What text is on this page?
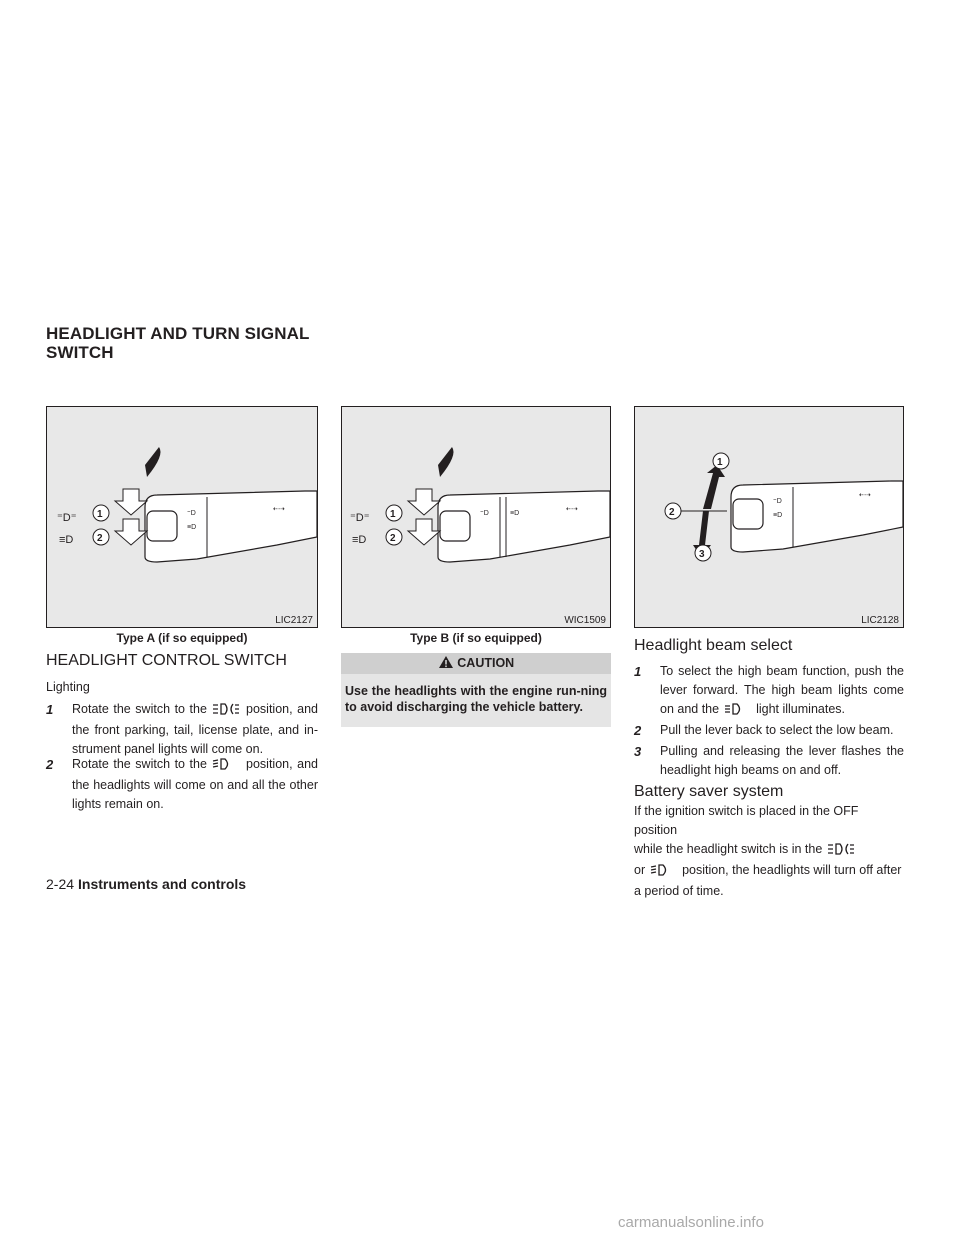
HEADLIGHT AND TURN SIGNAL SWITCH
⁼D
≡D
⇠⇢
⁼D⁼
≡D
1
2
LIC2127
Type A (if so equipped)
⁼D	≡D
⇠⇢
⁼D⁼
≡D
1
2
WIC1509
Type B (if so equipped)
⁼D
≡D
⇠⇢
1
2
3
LIC2128
HEADLIGHT CONTROL SWITCH
Lighting
1 Rotate the switch to the	position, and the front parking, tail, license plate, and in-strument panel lights will come on.
2 Rotate the switch to the	position, and the headlights will come on and all the other lights remain on.
CAUTION
Use the headlights with the engine run-ning to avoid discharging the vehicle battery.
Headlight beam select
1 To select the high beam function, push the lever forward. The high beam lights come on and the	light illuminates.
2 Pull the lever back to select the low beam.
3 Pulling and releasing the lever flashes the headlight high beams on and off.
Battery saver system
If the ignition switch is placed in the OFF position
while the headlight switch is in the
or	position, the headlights will turn off after
a period of time.
2-24 Instruments and controls
carmanualsonline.info
